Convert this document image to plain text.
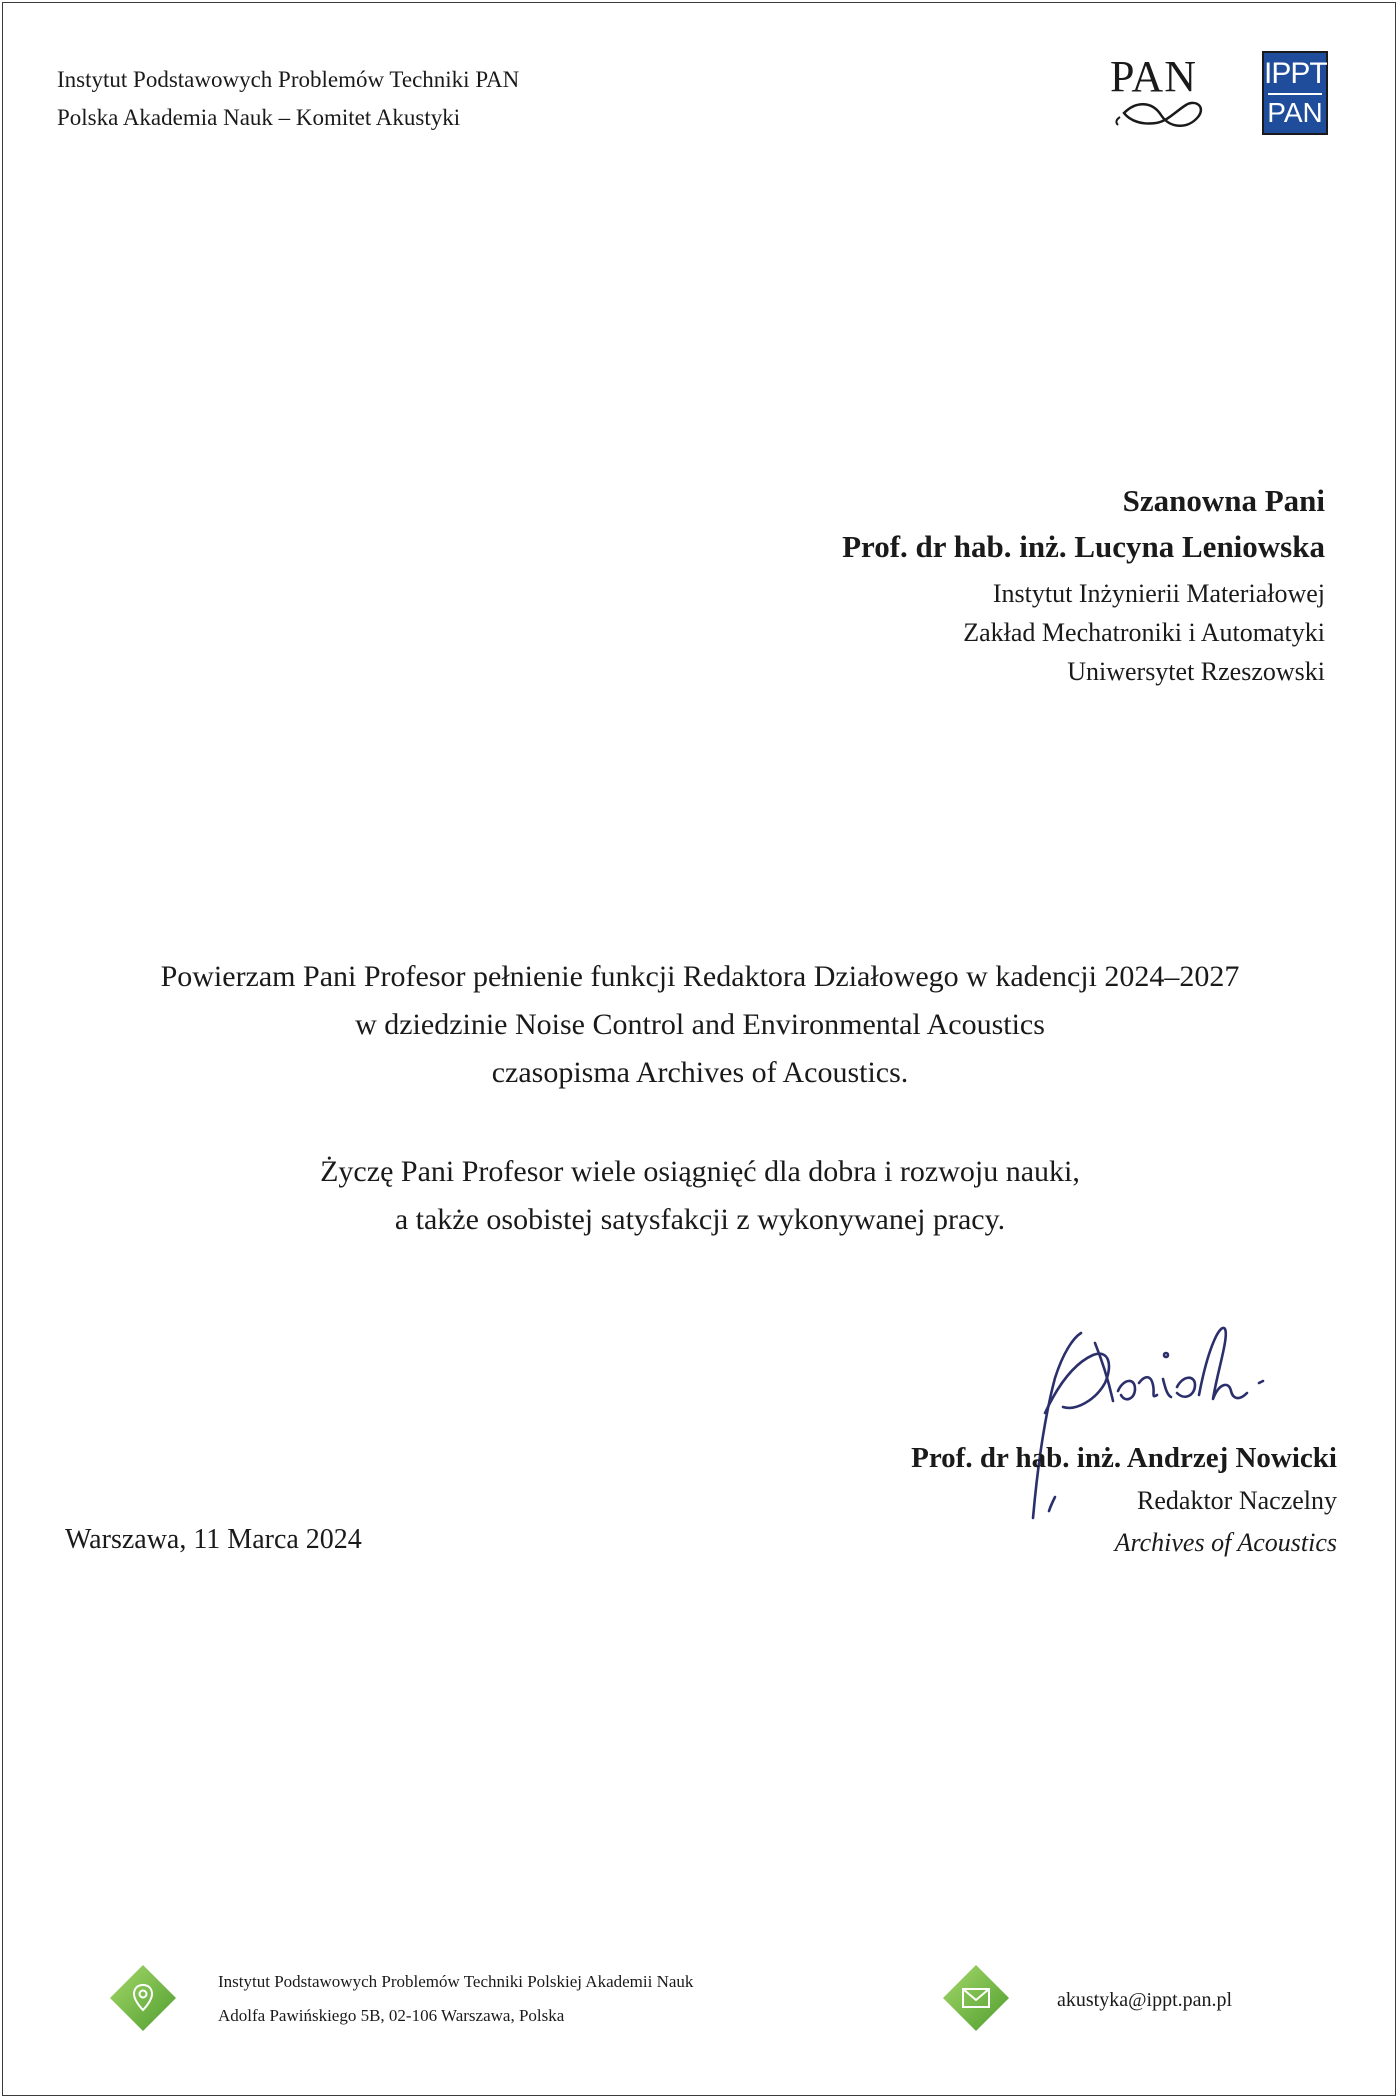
Instytut Podstawowych Problemów Techniki PAN
Polska Akademia Nauk – Komitet Akustyki
PAN IPPT
PAN
Szanowna Pani
Prof. dr hab. inż. Lucyna Leniowska
Instytut Inżynierii Materiałowej
Zakład Mechatroniki i Automatyki
Uniwersytet Rzeszowski
Powierzam Pani Profesor pełnienie funkcji Redaktora Działowego w kadencji 2024–2027
w dziedzinie Noise Control and Environmental Acoustics
czasopisma Archives of Acoustics.
Życzę Pani Profesor wiele osiągnięć dla dobra i rozwoju nauki,
a także osobistej satysfakcji z wykonywanej pracy.
Prof. dr hab. inż. Andrzej Nowicki
Redaktor Naczelny
Archives of Acoustics
Warszawa, 11 Marca 2024
Instytut Podstawowych Problemów Techniki Polskiej Akademii Nauk
Adolfa Pawińskiego 5B, 02-106 Warszawa, Polska
akustyka@ippt.pan.pl
